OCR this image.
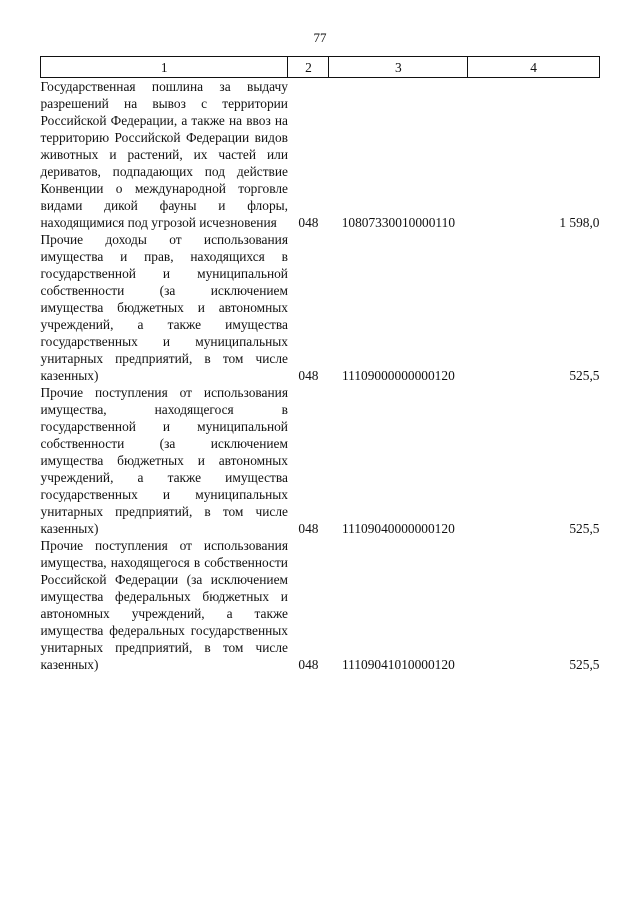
77
1	2	3	4
Государственная пошлина за выдачу разрешений на вывоз с территории Российской Федерации, а также на ввоз на территорию Российской Федерации видов животных и растений, их частей или дериватов, подпадающих под действие Конвенции о международной торговле видами дикой фауны и флоры, находящимися под угрозой исчезновения	048	10807330010000110	1 598,0
Прочие доходы от использования имущества и прав, находящихся в государственной и муниципальной собственности (за исключением имущества бюджетных и автономных учреждений, а также имущества государственных и муниципальных унитарных предприятий, в том числе казенных)	048	11109000000000120	525,5
Прочие поступления от использования имущества, находящегося в государственной и муниципальной собственности (за исключением имущества бюджетных и автономных учреждений, а также имущества государственных и муниципальных унитарных предприятий, в том числе казенных)	048	11109040000000120	525,5
Прочие поступления от использования имущества, находящегося в собственности Российской Федерации (за исключением имущества федеральных бюджетных и автономных учреждений, а также имущества федеральных государственных унитарных предприятий, в том числе казенных)	048	11109041010000120	525,5
